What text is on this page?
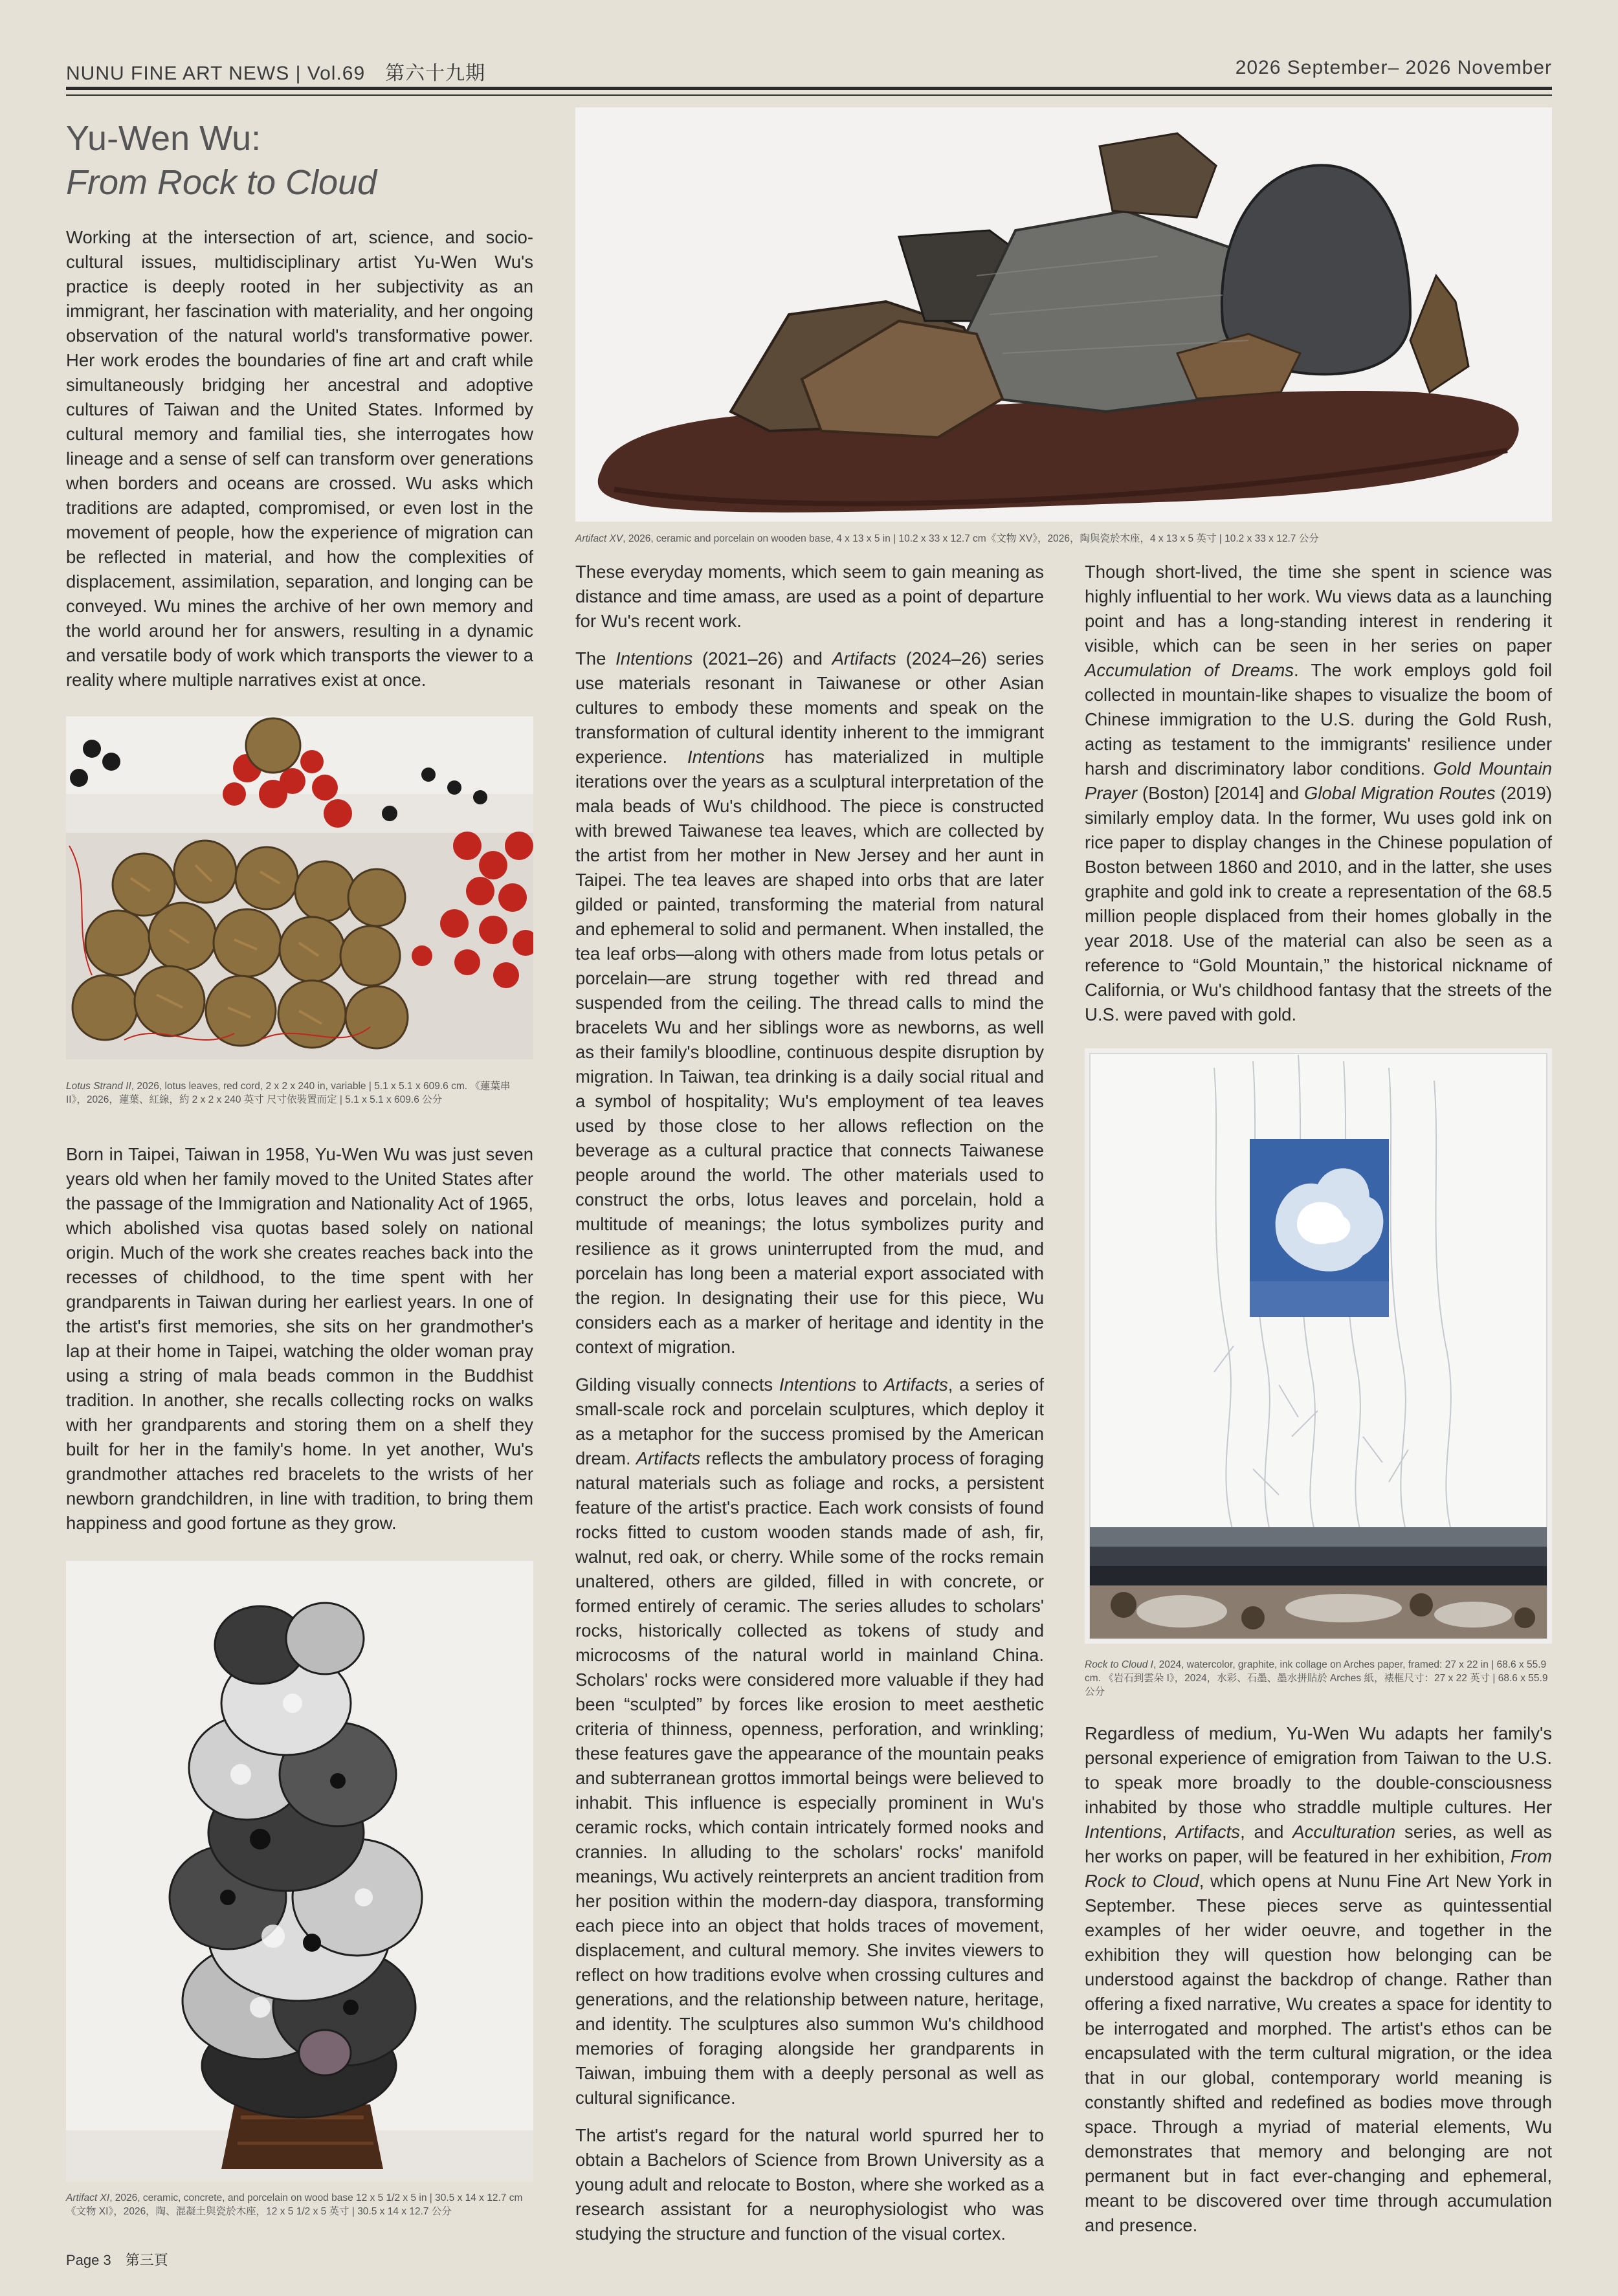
NUNU FINE ART NEWS | Vol.69　第六十九期	2026 September– 2026 November
Yu-Wen Wu:
From Rock to Cloud

Working at the intersection of art, science, and socio-cultural issues, multidisciplinary artist Yu-Wen Wu's practice is deeply rooted in her subjectivity as an immigrant, her fascination with materiality, and her ongoing observation of the natural world's transformative power. Her work erodes the boundaries of fine art and craft while simultaneously bridging her ancestral and adoptive cultures of Taiwan and the United States. Informed by cultural memory and familial ties, she interrogates how lineage and a sense of self can transform over generations when borders and oceans are crossed. Wu asks which traditions are adapted, compromised, or even lost in the movement of people, how the experience of migration can be reflected in material, and how the complexities of displacement, assimilation, separation, and longing can be conveyed. Wu mines the archive of her own memory and the world around her for answers, resulting in a dynamic and versatile body of work which transports the viewer to a reality where multiple narratives exist at once.

Lotus Strand II, 2026, lotus leaves, red cord, 2 x 2 x 240 in, variable | 5.1 x 5.1 x 609.6 cm. 《蓮葉串 II》，2026，蓮葉、紅線，約 2 x 2 x 240 英寸 尺寸依裝置而定 | 5.1 x 5.1 x 609.6 公分

Born in Taipei, Taiwan in 1958, Yu-Wen Wu was just seven years old when her family moved to the United States after the passage of the Immigration and Nationality Act of 1965, which abolished visa quotas based solely on national origin. Much of the work she creates reaches back into the recesses of childhood, to the time spent with her grandparents in Taiwan during her earliest years. In one of the artist's first memories, she sits on her grandmother's lap at their home in Taipei, watching the older woman pray using a string of mala beads common in the Buddhist tradition. In another, she recalls collecting rocks on walks with her grandparents and storing them on a shelf they built for her in the family's home. In yet another, Wu's grandmother attaches red bracelets to the wrists of her newborn grandchildren, in line with tradition, to bring them happiness and good fortune as they grow.

Artifact XI, 2026, ceramic, concrete, and porcelain on wood base 12 x 5 1/2 x 5 in | 30.5 x 14 x 12.7 cm《文物 XI》，2026，陶、混凝土與瓷於木座，12 x 5 1/2 x 5 英寸 | 30.5 x 14 x 12.7 公分
Artifact XV, 2026, ceramic and porcelain on wooden base, 4 x 13 x 5 in | 10.2 x 33 x 12.7 cm《文物 XV》，2026，陶與瓷於木座，4 x 13 x 5 英寸 | 10.2 x 33 x 12.7 公分

These everyday moments, which seem to gain meaning as distance and time amass, are used as a point of departure for Wu's recent work.

The Intentions (2021–26) and Artifacts (2024–26) series use materials resonant in Taiwanese or other Asian cultures to embody these moments and speak on the transformation of cultural identity inherent to the immigrant experience. Intentions has materialized in multiple iterations over the years as a sculptural interpretation of the mala beads of Wu's childhood. The piece is constructed with brewed Taiwanese tea leaves, which are collected by the artist from her mother in New Jersey and her aunt in Taipei. The tea leaves are shaped into orbs that are later gilded or painted, transforming the material from natural and ephemeral to solid and permanent. When installed, the tea leaf orbs—along with others made from lotus petals or porcelain—are strung together with red thread and suspended from the ceiling. The thread calls to mind the bracelets Wu and her siblings wore as newborns, as well as their family's bloodline, continuous despite disruption by migration. In Taiwan, tea drinking is a daily social ritual and a symbol of hospitality; Wu's employment of tea leaves used by those close to her allows reflection on the beverage as a cultural practice that connects Taiwanese people around the world. The other materials used to construct the orbs, lotus leaves and porcelain, hold a multitude of meanings; the lotus symbolizes purity and resilience as it grows uninterrupted from the mud, and porcelain has long been a material export associated with the region. In designating their use for this piece, Wu considers each as a marker of heritage and identity in the context of migration.

Gilding visually connects Intentions to Artifacts, a series of small-scale rock and porcelain sculptures, which deploy it as a metaphor for the success promised by the American dream. Artifacts reflects the ambulatory process of foraging natural materials such as foliage and rocks, a persistent feature of the artist's practice. Each work consists of found rocks fitted to custom wooden stands made of ash, fir, walnut, red oak, or cherry. While some of the rocks remain unaltered, others are gilded, filled in with concrete, or formed entirely of ceramic. The series alludes to scholars' rocks, historically collected as tokens of study and microcosms of the natural world in mainland China. Scholars' rocks were considered more valuable if they had been “sculpted” by forces like erosion to meet aesthetic criteria of thinness, openness, perforation, and wrinkling; these features gave the appearance of the mountain peaks and subterranean grottos immortal beings were believed to inhabit. This influence is especially prominent in Wu's ceramic rocks, which contain intricately formed nooks and crannies. In alluding to the scholars' rocks' manifold meanings, Wu actively reinterprets an ancient tradition from her position within the modern-day diaspora, transforming each piece into an object that holds traces of movement, displacement, and cultural memory. She invites viewers to reflect on how traditions evolve when crossing cultures and generations, and the relationship between nature, heritage, and identity. The sculptures also summon Wu's childhood memories of foraging alongside her grandparents in Taiwan, imbuing them with a deeply personal as well as cultural significance.

The artist's regard for the natural world spurred her to obtain a Bachelors of Science from Brown University as a young adult and relocate to Boston, where she worked as a research assistant for a neurophysiologist who was studying the structure and function of the visual cortex.

Though short-lived, the time she spent in science was highly influential to her work. Wu views data as a launching point and has a long-standing interest in rendering it visible, which can be seen in her series on paper Accumulation of Dreams. The work employs gold foil collected in mountain-like shapes to visualize the boom of Chinese immigration to the U.S. during the Gold Rush, acting as testament to the immigrants' resilience under harsh and discriminatory labor conditions. Gold Mountain Prayer (Boston) [2014] and Global Migration Routes (2019) similarly employ data. In the former, Wu uses gold ink on rice paper to display changes in the Chinese population of Boston between 1860 and 2010, and in the latter, she uses graphite and gold ink to create a representation of the 68.5 million people displaced from their homes globally in the year 2018. Use of the material can also be seen as a reference to “Gold Mountain,” the historical nickname of California, or Wu's childhood fantasy that the streets of the U.S. were paved with gold.

Rock to Cloud I, 2024, watercolor, graphite, ink collage on Arches paper, framed: 27 x 22 in | 68.6 x 55.9 cm. 《岩石到雲朵 I》，2024，水彩、石墨、墨水拼貼於 Arches 紙，裱框尺寸：27 x 22 英寸 | 68.6 x 55.9 公分

Regardless of medium, Yu-Wen Wu adapts her family's personal experience of emigration from Taiwan to the U.S. to speak more broadly to the double-consciousness inhabited by those who straddle multiple cultures. Her Intentions, Artifacts, and Acculturation series, as well as her works on paper, will be featured in her exhibition, From Rock to Cloud, which opens at Nunu Fine Art New York in September. These pieces serve as quintessential examples of her wider oeuvre, and together in the exhibition they will question how belonging can be understood against the backdrop of change. Rather than offering a fixed narrative, Wu creates a space for identity to be interrogated and morphed. The artist's ethos can be encapsulated with the term cultural migration, or the idea that in our global, contemporary world meaning is constantly shifted and redefined as bodies move through space. Through a myriad of material elements, Wu demonstrates that memory and belonging are not permanent but in fact ever-changing and ephemeral, meant to be discovered over time through accumulation and presence.

Page 3　第三頁
